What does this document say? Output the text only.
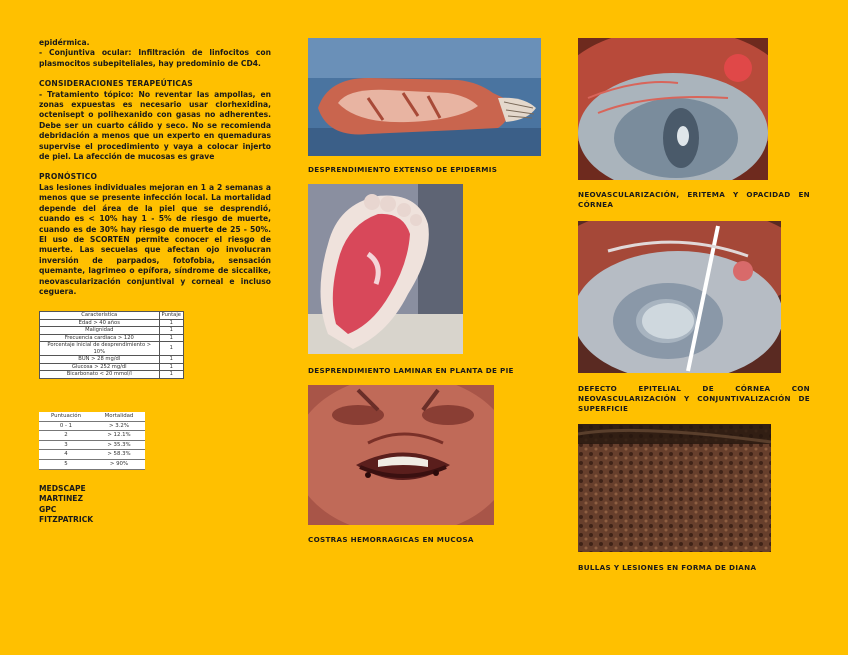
epidérmica.

- Conjuntiva ocular: Infiltración de linfocitos con plasmocitos subepiteliales, hay predominio de CD4.

CONSIDERACIONES TERAPEÚTICAS

- Tratamiento tópico: No reventar las ampollas, en zonas expuestas es necesario usar clorhexidina, octenisept o polihexanido con gasas no adherentes. Debe ser un cuarto cálido y seco. No se recomienda debridación a menos que un experto en quemaduras supervise el procedimiento y vaya a colocar injerto de piel. La afección de mucosas es grave

PRONÓSTICO

Las lesiones individuales mejoran en 1 a 2 semanas a menos que se presente infección local. La mortalidad depende del área de la piel que se desprendió, cuando es < 10% hay 1 - 5% de riesgo de muerte, cuando es de 30% hay riesgo de muerte de 25 - 50%. El uso de SCORTEN permite conocer el riesgo de muerte. Las secuelas que afectan ojo involucran inversión de parpados, fotofobia, sensación quemante, lagrimeo o epífora, síndrome de siccalike, neovascularización conjuntival y corneal e incluso ceguera.

Característica	Puntaje
Edad > 40 años	1
Malignidad	1
Frecuencia cardiaca > 120	1
Porcentaje inicial de desprendimiento > 10%	1
BUN > 28 mg/dl	1
Glucosa > 252 mg/dl	1
Bicarbonato < 20 mmol/l	1
Puntuación	Mortalidad
0 - 1	> 3.2%
2	> 12.1%
3	> 35.3%
4	> 58.3%
5	> 90%
MEDSCAPE
MARTINEZ
GPC
FITZPATRICK
DESPRENDIMIENTO EXTENSO DE EPIDERMIS
DESPRENDIMIENTO LAMINAR EN PLANTA DE PIE
COSTRAS HEMORRAGICAS EN MUCOSA
NEOVASCULARIZACIÓN, ERITEMA Y OPACIDAD EN CÓRNEA
DEFECTO EPITELIAL DE CÓRNEA CON NEOVASCULARIZACIÓN Y CONJUNTIVALIZACIÓN DE SUPERFICIE
BULLAS Y LESIONES EN FORMA DE DIANA
